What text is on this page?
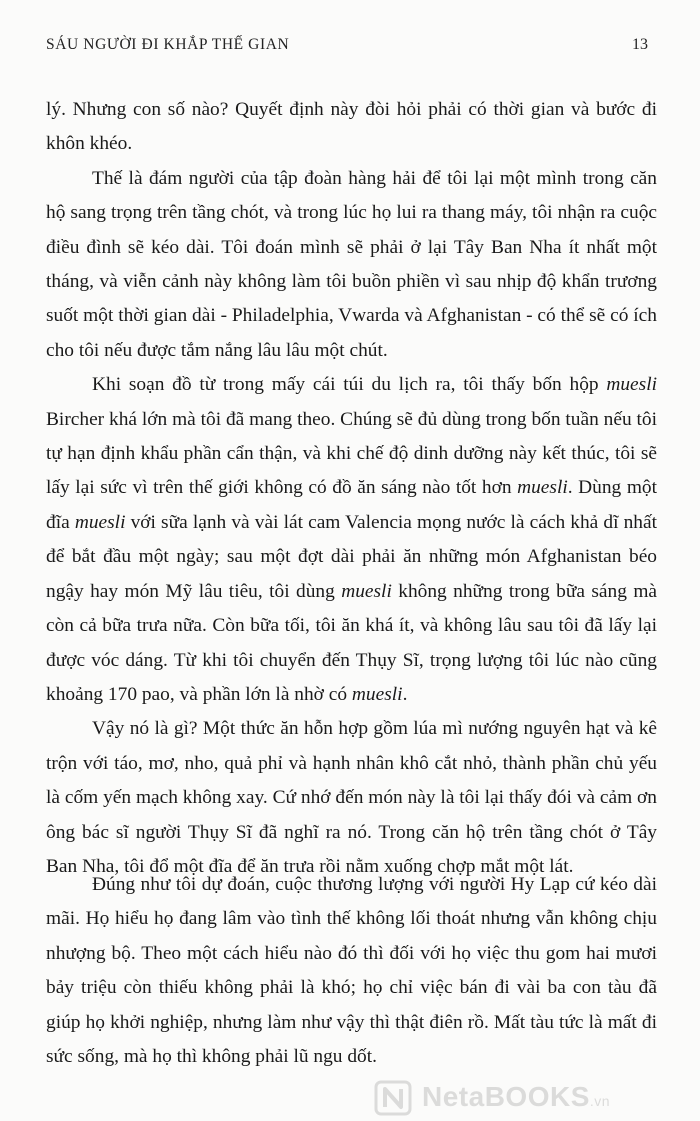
SÁU NGƯỜI ĐI KHẮP THẾ GIAN	13

lý. Nhưng con số nào? Quyết định này đòi hỏi phải có thời gian và bước đi khôn khéo.

Thế là đám người của tập đoàn hàng hải để tôi lại một mình trong căn hộ sang trọng trên tầng chót, và trong lúc họ lui ra thang máy, tôi nhận ra cuộc điều đình sẽ kéo dài. Tôi đoán mình sẽ phải ở lại Tây Ban Nha ít nhất một tháng, và viễn cảnh này không làm tôi buồn phiền vì sau nhịp độ khẩn trương suốt một thời gian dài - Philadelphia, Vwarda và Afghanistan - có thể sẽ có ích cho tôi nếu được tắm nắng lâu lâu một chút.

Khi soạn đồ từ trong mấy cái túi du lịch ra, tôi thấy bốn hộp muesli Bircher khá lớn mà tôi đã mang theo. Chúng sẽ đủ dùng trong bốn tuần nếu tôi tự hạn định khẩu phần cẩn thận, và khi chế độ dinh dưỡng này kết thúc, tôi sẽ lấy lại sức vì trên thế giới không có đồ ăn sáng nào tốt hơn muesli. Dùng một đĩa muesli với sữa lạnh và vài lát cam Valencia mọng nước là cách khả dĩ nhất để bắt đầu một ngày; sau một đợt dài phải ăn những món Afghanistan béo ngậy hay món Mỹ lâu tiêu, tôi dùng muesli không những trong bữa sáng mà còn cả bữa trưa nữa. Còn bữa tối, tôi ăn khá ít, và không lâu sau tôi đã lấy lại được vóc dáng. Từ khi tôi chuyển đến Thụy Sĩ, trọng lượng tôi lúc nào cũng khoảng 170 pao, và phần lớn là nhờ có muesli.

Vậy nó là gì? Một thức ăn hỗn hợp gồm lúa mì nướng nguyên hạt và kê trộn với táo, mơ, nho, quả phỉ và hạnh nhân khô cắt nhỏ, thành phần chủ yếu là cốm yến mạch không xay. Cứ nhớ đến món này là tôi lại thấy đói và cảm ơn ông bác sĩ người Thụy Sĩ đã nghĩ ra nó. Trong căn hộ trên tầng chót ở Tây Ban Nha, tôi đổ một đĩa để ăn trưa rồi nằm xuống chợp mắt một lát.

Đúng như tôi dự đoán, cuộc thương lượng với người Hy Lạp cứ kéo dài mãi. Họ hiểu họ đang lâm vào tình thế không lối thoát nhưng vẫn không chịu nhượng bộ. Theo một cách hiểu nào đó thì đối với họ việc thu gom hai mươi bảy triệu còn thiếu không phải là khó; họ chỉ việc bán đi vài ba con tàu đã giúp họ khởi nghiệp, nhưng làm như vậy thì thật điên rồ. Mất tàu tức là mất đi sức sống, mà họ thì không phải lũ ngu dốt.

NetaBOOKS.vn
